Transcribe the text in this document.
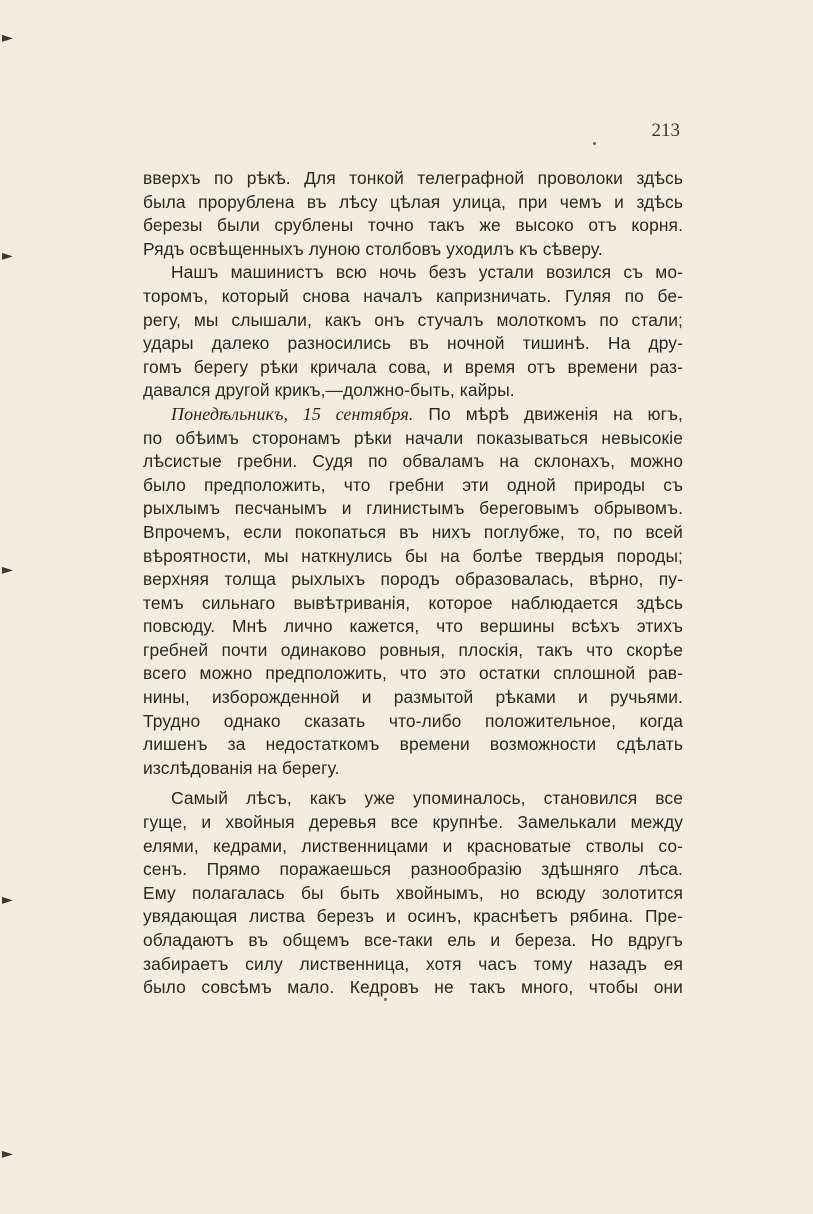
213
вверхъ по рѣкѣ. Для тонкой телеграфной проволоки здѣсь
была прорублена въ лѣсу цѣлая улица, при чемъ и здѣсь
березы были срублены точно такъ же высоко отъ корня.
Рядъ освѣщенныхъ луною столбовъ уходилъ къ сѣверу.
Нашъ машинистъ всю ночь безъ устали возился съ мо-
торомъ, который снова началъ капризничать. Гуляя по бе-
регу, мы слышали, какъ онъ стучалъ молоткомъ по стали;
удары далеко разносились въ ночной тишинѣ. На дру-
гомъ берегу рѣки кричала сова, и время отъ времени раз-
давался другой крикъ,—должно-быть, кайры.
Понедѣльникъ, 15 сентября. По мѣрѣ движенія на югъ,
по обѣимъ сторонамъ рѣки начали показываться невысокіе
лѣсистые гребни. Судя по обваламъ на склонахъ, можно
было предположить, что гребни эти одной природы съ
рыхлымъ песчанымъ и глинистымъ береговымъ обрывомъ.
Впрочемъ, если покопаться въ нихъ поглубже, то, по всей
вѣроятности, мы наткнулись бы на болѣе твердыя породы;
верхняя толща рыхлыхъ породъ образовалась, вѣрно, пу-
темъ сильнаго вывѣтриванія, которое наблюдается здѣсь
повсюду. Мнѣ лично кажется, что вершины всѣхъ этихъ
гребней почти одинаково ровныя, плоскія, такъ что скорѣе
всего можно предположить, что это остатки сплошной рав-
нины, изборожденной и размытой рѣками и ручьями.
Трудно однако сказать что-либо положительное, когда
лишенъ за недостаткомъ времени возможности сдѣлать
изслѣдованія на берегу.
Самый лѣсъ, какъ уже упоминалось, становился все
гуще, и хвойныя деревья все крупнѣе. Замелькали между
елями, кедрами, лиственницами и красноватые стволы со-
сенъ. Прямо поражаешься разнообразію здѣшняго лѣса.
Ему полагалась бы быть хвойнымъ, но всюду золотится
увядающая листва березъ и осинъ, краснѣетъ рябина. Пре-
обладаютъ въ общемъ все-таки ель и береза. Но вдругъ
забираетъ силу лиственница, хотя часъ тому назадъ ея
было совсѣмъ мало. Кедровъ не такъ много, чтобы они
►
►
►
►
►
